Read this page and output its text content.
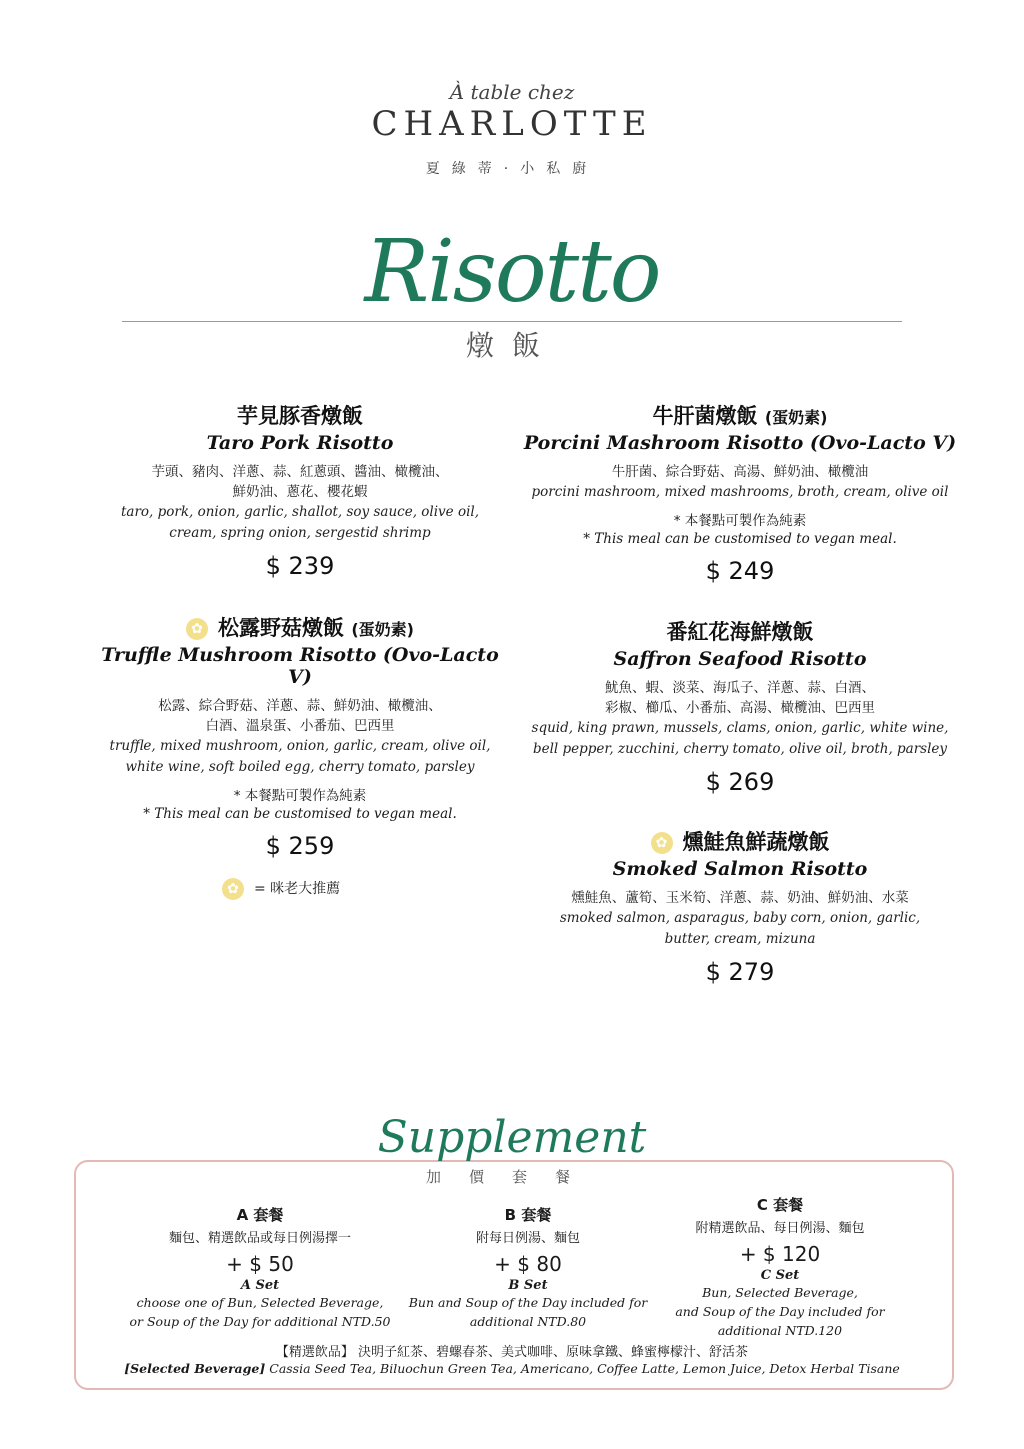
À table chez
CHARLOTTE
夏綠蒂·小私廚
Risotto
燉飯
芋見豚香燉飯
Taro Pork Risotto
芋頭、豬肉、洋蔥、蒜、紅蔥頭、醬油、橄欖油、
鮮奶油、蔥花、櫻花蝦
taro, pork, onion, garlic, shallot, soy sauce, olive oil,
cream, spring onion, sergestid shrimp
$ 239
牛肝菌燉飯 (蛋奶素)
Porcini Mashroom Risotto (Ovo-Lacto V)
牛肝菌、綜合野菇、高湯、鮮奶油、橄欖油
porcini mashroom, mixed mashrooms, broth, cream, olive oil
* 本餐點可製作為純素
* This meal can be customised to vegan meal.
$ 249
✿松露野菇燉飯 (蛋奶素)
Truffle Mushroom Risotto (Ovo-Lacto V)
松露、綜合野菇、洋蔥、蒜、鮮奶油、橄欖油、
白酒、溫泉蛋、小番茄、巴西里
truffle, mixed mushroom, onion, garlic, cream, olive oil,
white wine, soft boiled egg, cherry tomato, parsley
* 本餐點可製作為純素
* This meal can be customised to vegan meal.
$ 259
番紅花海鮮燉飯
Saffron Seafood Risotto
魷魚、蝦、淡菜、海瓜子、洋蔥、蒜、白酒、
彩椒、櫛瓜、小番茄、高湯、橄欖油、巴西里
squid, king prawn, mussels, clams, onion, garlic, white wine,
bell pepper, zucchini, cherry tomato, olive oil, broth, parsley
$ 269
✿燻鮭魚鮮蔬燉飯
Smoked Salmon Risotto
燻鮭魚、蘆筍、玉米筍、洋蔥、蒜、奶油、鮮奶油、水菜
smoked salmon, asparagus, baby corn, onion, garlic,
butter, cream, mizuna
$ 279
✿= 咪老大推薦
Supplement
加價套餐
A 套餐
麵包、精選飲品或每日例湯擇一
+ $ 50
A Set
choose one of Bun, Selected Beverage,
or Soup of the Day for additional NTD.50
B 套餐
附每日例湯、麵包
+ $ 80
B Set
Bun and Soup of the Day included for
additional NTD.80
C 套餐
附精選飲品、每日例湯、麵包
+ $ 120
C Set
Bun, Selected Beverage,
and Soup of the Day included for
additional NTD.120
【精選飲品】 決明子紅茶、碧螺春茶、美式咖啡、原味拿鐵、蜂蜜檸檬汁、舒活茶
[Selected Beverage] Cassia Seed Tea, Biluochun Green Tea, Americano, Coffee Latte, Lemon Juice, Detox Herbal Tisane
